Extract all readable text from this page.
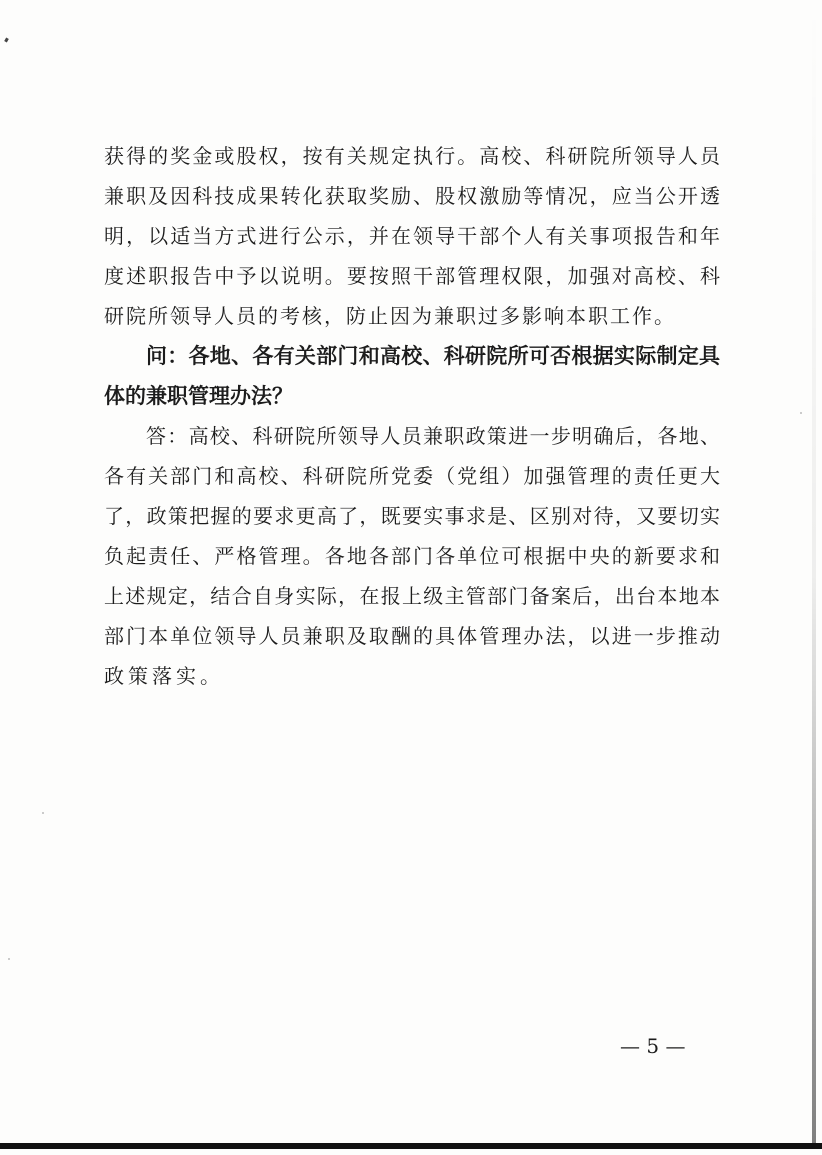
获得的奖金或股权，按有关规定执行。高校、科研院所领导人员
兼职及因科技成果转化获取奖励、股权激励等情况，应当公开透
明，以适当方式进行公示，并在领导干部个人有关事项报告和年
度述职报告中予以说明。要按照干部管理权限，加强对高校、科
研院所领导人员的考核，防止因为兼职过多影响本职工作。
问：各地、各有关部门和高校、科研院所可否根据实际制定具
体的兼职管理办法？
答：高校、科研院所领导人员兼职政策进一步明确后，各地、
各有关部门和高校、科研院所党委（党组）加强管理的责任更大
了，政策把握的要求更高了，既要实事求是、区别对待，又要切实
负起责任、严格管理。各地各部门各单位可根据中央的新要求和
上述规定，结合自身实际，在报上级主管部门备案后，出台本地本
部门本单位领导人员兼职及取酬的具体管理办法，以进一步推动
政策落实。
— 5 —
